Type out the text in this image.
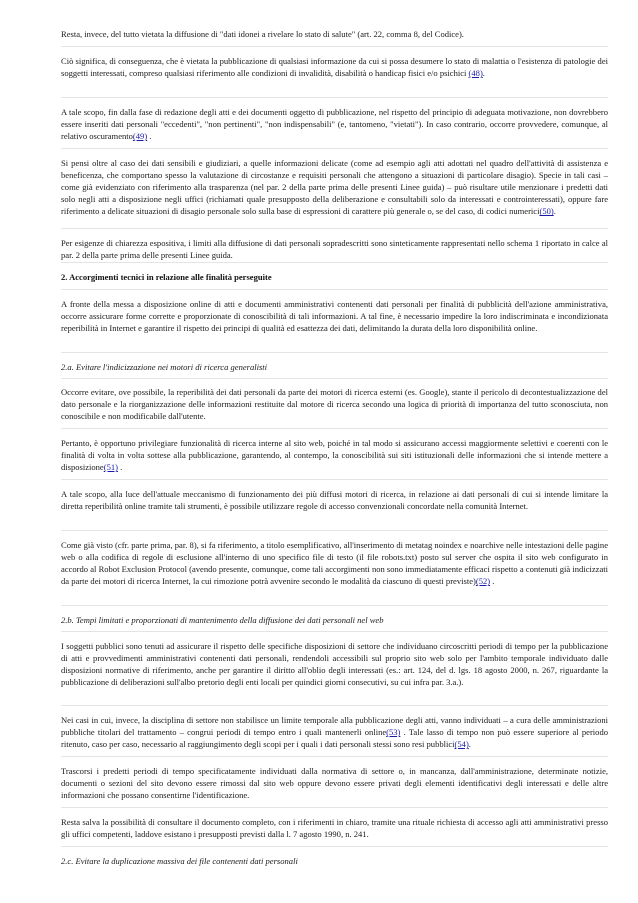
Resta, invece, del tutto vietata la diffusione di "dati idonei a rivelare lo stato di salute" (art. 22, comma 8, del Codice).

Ciò significa, di conseguenza, che è vietata la pubblicazione di qualsiasi informazione da cui si possa desumere lo stato di malattia o l'esistenza di patologie dei soggetti interessati, compreso qualsiasi riferimento alle condizioni di invalidità, disabilità o handicap fisici e/o psichici (48).

A tale scopo, fin dalla fase di redazione degli atti e dei documenti oggetto di pubblicazione, nel rispetto del principio di adeguata motivazione, non dovrebbero essere inseriti dati personali "eccedenti", "non pertinenti", "non indispensabili" (e, tantomeno, "vietati"). In caso contrario, occorre provvedere, comunque, al relativo oscuramento(49) .

Si pensi oltre al caso dei dati sensibili e giudiziari, a quelle informazioni delicate (come ad esempio agli atti adottati nel quadro dell'attività di assistenza e beneficenza, che comportano spesso la valutazione di circostanze e requisiti personali che attengono a situazioni di particolare disagio). Specie in tali casi – come già evidenziato con riferimento alla trasparenza (nel par. 2 della parte prima delle presenti Linee guida) – può risultare utile menzionare i predetti dati solo negli atti a disposizione negli uffici (richiamati quale presupposto della deliberazione e consultabili solo da interessati e controinteressati), oppure fare riferimento a delicate situazioni di disagio personale solo sulla base di espressioni di carattere più generale o, se del caso, di codici numerici(50).

Per esigenze di chiarezza espositiva, i limiti alla diffusione di dati personali sopradescritti sono sinteticamente rappresentati nello schema 1 riportato in calce al par. 2 della parte prima delle presenti Linee guida.

2. Accorgimenti tecnici in relazione alle finalità perseguite

A fronte della messa a disposizione online di atti e documenti amministrativi contenenti dati personali per finalità di pubblicità dell'azione amministrativa, occorre assicurare forme corrette e proporzionate di conoscibilità di tali informazioni. A tal fine, è necessario impedire la loro indiscriminata e incondizionata reperibilità in Internet e garantire il rispetto dei principi di qualità ed esattezza dei dati, delimitando la durata della loro disponibilità online.

2.a. Evitare l'indicizzazione nei motori di ricerca generalisti

Occorre evitare, ove possibile, la reperibilità dei dati personali da parte dei motori di ricerca esterni (es. Google), stante il pericolo di decontestualizzazione del dato personale e la riorganizzazione delle informazioni restituite dal motore di ricerca secondo una logica di priorità di importanza del tutto sconosciuta, non conoscibile e non modificabile dall'utente.

Pertanto, è opportuno privilegiare funzionalità di ricerca interne al sito web, poiché in tal modo si assicurano accessi maggiormente selettivi e coerenti con le finalità di volta in volta sottese alla pubblicazione, garantendo, al contempo, la conoscibilità sui siti istituzionali delle informazioni che si intende mettere a disposizione(51) .

A tale scopo, alla luce dell'attuale meccanismo di funzionamento dei più diffusi motori di ricerca, in relazione ai dati personali di cui si intende limitare la diretta reperibilità online tramite tali strumenti, è possibile utilizzare regole di accesso convenzionali concordate nella comunità Internet.

Come già visto (cfr. parte prima, par. 8), si fa riferimento, a titolo esemplificativo, all'inserimento di metatag noindex e noarchive nelle intestazioni delle pagine web o alla codifica di regole di esclusione all'interno di uno specifico file di testo (il file robots.txt) posto sul server che ospita il sito web configurato in accordo al Robot Exclusion Protocol (avendo presente, comunque, come tali accorgimenti non sono immediatamente efficaci rispetto a contenuti già indicizzati da parte dei motori di ricerca Internet, la cui rimozione potrà avvenire secondo le modalità da ciascuno di questi previste)(52) .

2.b. Tempi limitati e proporzionati di mantenimento della diffusione dei dati personali nel web

I soggetti pubblici sono tenuti ad assicurare il rispetto delle specifiche disposizioni di settore che individuano circoscritti periodi di tempo per la pubblicazione di atti e provvedimenti amministrativi contenenti dati personali, rendendoli accessibili sul proprio sito web solo per l'ambito temporale individuato dalle disposizioni normative di riferimento, anche per garantire il diritto all'oblio degli interessati (es.: art. 124, del d. lgs. 18 agosto 2000, n. 267, riguardante la pubblicazione di deliberazioni sull'albo pretorio degli enti locali per quindici giorni consecutivi, su cui infra par. 3.a.).

Nei casi in cui, invece, la disciplina di settore non stabilisce un limite temporale alla pubblicazione degli atti, vanno individuati – a cura delle amministrazioni pubbliche titolari del trattamento – congrui periodi di tempo entro i quali mantenerli online(53) . Tale lasso di tempo non può essere superiore al periodo ritenuto, caso per caso, necessario al raggiungimento degli scopi per i quali i dati personali stessi sono resi pubblici(54).

Trascorsi i predetti periodi di tempo specificatamente individuati dalla normativa di settore o, in mancanza, dall'amministrazione, determinate notizie, documenti o sezioni del sito devono essere rimossi dal sito web oppure devono essere privati degli elementi identificativi degli interessati e delle altre informazioni che possano consentirne l'identificazione.

Resta salva la possibilità di consultare il documento completo, con i riferimenti in chiaro, tramite una rituale richiesta di accesso agli atti amministrativi presso gli uffici competenti, laddove esistano i presupposti previsti dalla l. 7 agosto 1990, n. 241.

2.c. Evitare la duplicazione massiva dei file contenenti dati personali
